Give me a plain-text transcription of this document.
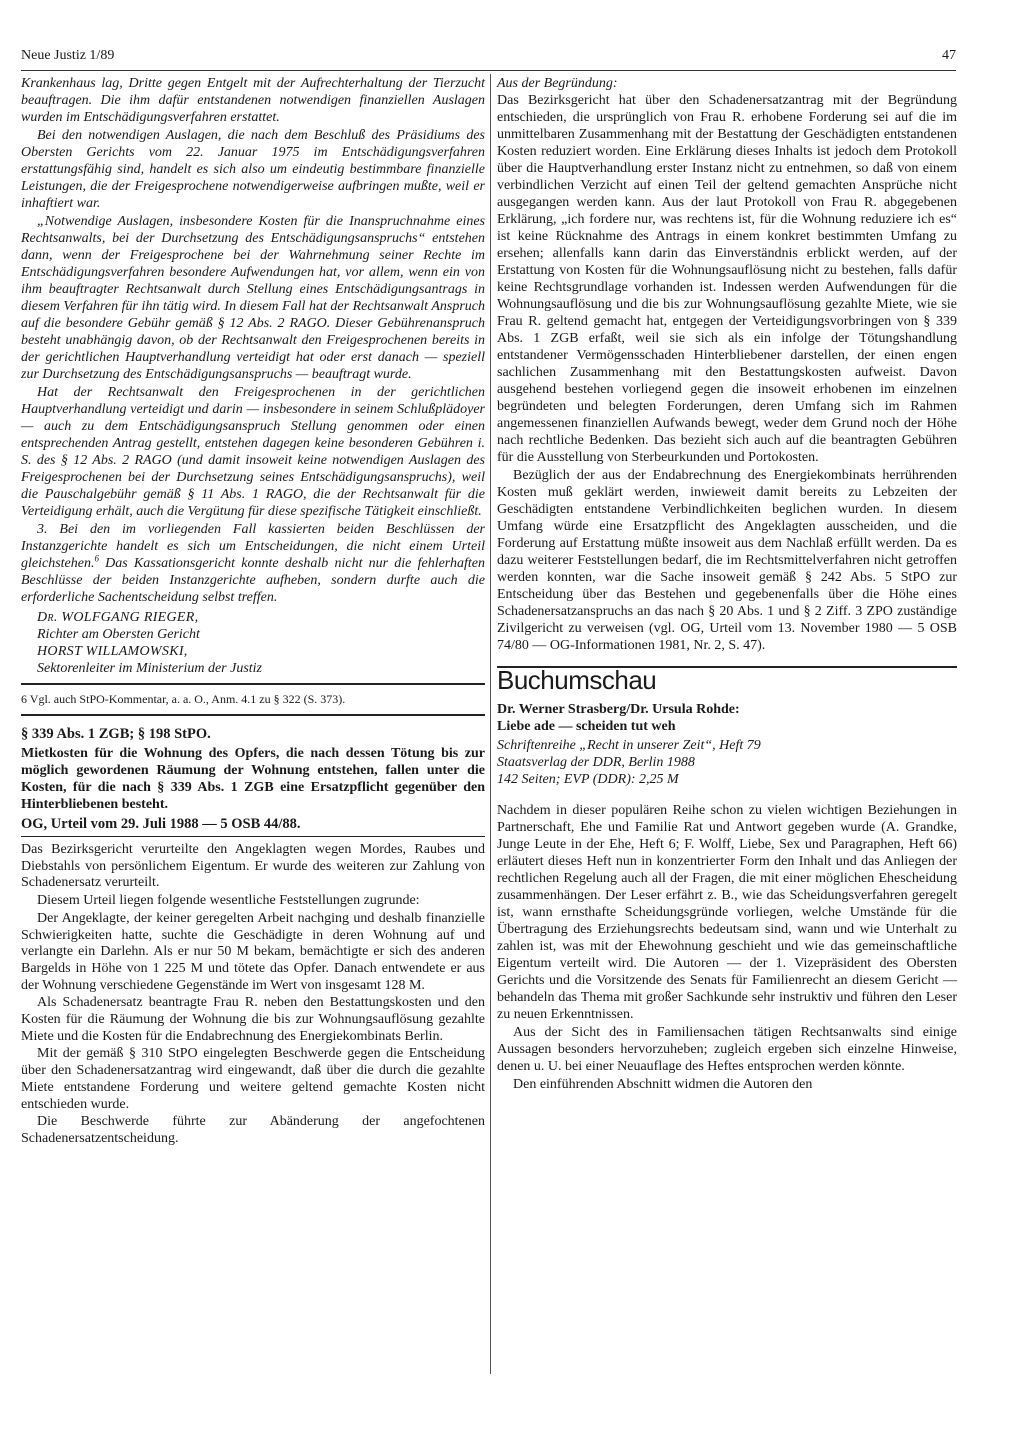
Neue Justiz 1/89	47

Krankenhaus lag, Dritte gegen Entgelt mit der Aufrechterhaltung der Tierzucht beauftragen. Die ihm dafür entstandenen notwendigen finanziellen Auslagen wurden im Entschädigungsverfahren erstattet.

Bei den notwendigen Auslagen, die nach dem Beschluß des Präsidiums des Obersten Gerichts vom 22. Januar 1975 im Entschädigungsverfahren erstattungsfähig sind, handelt es sich also um eindeutig bestimmbare finanzielle Leistungen, die der Freigesprochene notwendigerweise aufbringen mußte, weil er inhaftiert war.

„Notwendige Auslagen, insbesondere Kosten für die Inanspruchnahme eines Rechtsanwalts, bei der Durchsetzung des Entschädigungsanspruchs“ entstehen dann, wenn der Freigesprochene bei der Wahrnehmung seiner Rechte im Entschädigungsverfahren besondere Aufwendungen hat, vor allem, wenn ein von ihm beauftragter Rechtsanwalt durch Stellung eines Entschädigungsantrags in diesem Verfahren für ihn tätig wird. In diesem Fall hat der Rechtsanwalt Anspruch auf die besondere Gebühr gemäß § 12 Abs. 2 RAGO. Dieser Gebührenanspruch besteht unabhängig davon, ob der Rechtsanwalt den Freigesprochenen bereits in der gerichtlichen Hauptverhandlung verteidigt hat oder erst danach — speziell zur Durchsetzung des Entschädigungsanspruchs — beauftragt wurde.

Hat der Rechtsanwalt den Freigesprochenen in der gerichtlichen Hauptverhandlung verteidigt und darin — insbesondere in seinem Schlußplädoyer — auch zu dem Entschädigungsanspruch Stellung genommen oder einen entsprechenden Antrag gestellt, entstehen dagegen keine besonderen Gebühren i. S. des § 12 Abs. 2 RAGO (und damit insoweit keine notwendigen Auslagen des Freigesprochenen bei der Durchsetzung seines Entschädigungsanspruchs), weil die Pauschalgebühr gemäß § 11 Abs. 1 RAGO, die der Rechtsanwalt für die Verteidigung erhält, auch die Vergütung für diese spezifische Tätigkeit einschließt.

3. Bei den im vorliegenden Fall kassierten beiden Beschlüssen der Instanzgerichte handelt es sich um Entscheidungen, die nicht einem Urteil gleichstehen.$^6$ Das Kassationsgericht konnte deshalb nicht nur die fehlerhaften Beschlüsse der beiden Instanzgerichte aufheben, sondern durfte auch die erforderliche Sachentscheidung selbst treffen.

Dr. WOLFGANG RIEGER,
Richter am Obersten Gericht
HORST WILLAMOWSKI,
Sektorenleiter im Ministerium der Justiz

6 Vgl. auch StPO-Kommentar, a. a. O., Anm. 4.1 zu § 322 (S. 373).

§ 339 Abs. 1 ZGB; § 198 StPO.

Mietkosten für die Wohnung des Opfers, die nach dessen Tötung bis zur möglich gewordenen Räumung der Wohnung entstehen, fallen unter die Kosten, für die nach § 339 Abs. 1 ZGB eine Ersatzpflicht gegenüber den Hinterbliebenen besteht.

OG, Urteil vom 29. Juli 1988 — 5 OSB 44/88.

Das Bezirksgericht verurteilte den Angeklagten wegen Mordes, Raubes und Diebstahls von persönlichem Eigentum. Er wurde des weiteren zur Zahlung von Schadenersatz verurteilt.

Diesem Urteil liegen folgende wesentliche Feststellungen zugrunde:

Der Angeklagte, der keiner geregelten Arbeit nachging und deshalb finanzielle Schwierigkeiten hatte, suchte die Geschädigte in deren Wohnung auf und verlangte ein Darlehn. Als er nur 50 M bekam, bemächtigte er sich des anderen Bargelds in Höhe von 1 225 M und tötete das Opfer. Danach entwendete er aus der Wohnung verschiedene Gegenstände im Wert von insgesamt 128 M.

Als Schadenersatz beantragte Frau R. neben den Bestattungskosten und den Kosten für die Räumung der Wohnung die bis zur Wohnungsauflösung gezahlte Miete und die Kosten für die Endabrechnung des Energiekombinats Berlin.

Mit der gemäß § 310 StPO eingelegten Beschwerde gegen die Entscheidung über den Schadenersatzantrag wird eingewandt, daß über die durch die gezahlte Miete entstandene Forderung und weitere geltend gemachte Kosten nicht entschieden wurde.

Die Beschwerde führte zur Abänderung der angefochtenen Schadenersatzentscheidung.

Aus der Begründung:

Das Bezirksgericht hat über den Schadenersatzantrag mit der Begründung entschieden, die ursprünglich von Frau R. erhobene Forderung sei auf die im unmittelbaren Zusammenhang mit der Bestattung der Geschädigten entstandenen Kosten reduziert worden. Eine Erklärung dieses Inhalts ist jedoch dem Protokoll über die Hauptverhandlung erster Instanz nicht zu entnehmen, so daß von einem verbindlichen Verzicht auf einen Teil der geltend gemachten Ansprüche nicht ausgegangen werden kann. Aus der laut Protokoll von Frau R. abgegebenen Erklärung, „ich fordere nur, was rechtens ist, für die Wohnung reduziere ich es“ ist keine Rücknahme des Antrags in einem konkret bestimmten Umfang zu ersehen; allenfalls kann darin das Einverständnis erblickt werden, auf der Erstattung von Kosten für die Wohnungsauflösung nicht zu bestehen, falls dafür keine Rechtsgrundlage vorhanden ist. Indessen werden Aufwendungen für die Wohnungsauflösung und die bis zur Wohnungsauflösung gezahlte Miete, wie sie Frau R. geltend gemacht hat, entgegen der Verteidigungsvorbringen von § 339 Abs. 1 ZGB erfaßt, weil sie sich als ein infolge der Tötungshandlung entstandener Vermögensschaden Hinterbliebener darstellen, der einen engen sachlichen Zusammenhang mit den Bestattungskosten aufweist. Davon ausgehend bestehen vorliegend gegen die insoweit erhobenen im einzelnen begründeten und belegten Forderungen, deren Umfang sich im Rahmen angemessenen finanziellen Aufwands bewegt, weder dem Grund noch der Höhe nach rechtliche Bedenken. Das bezieht sich auch auf die beantragten Gebühren für die Ausstellung von Sterbeurkunden und Portokosten.

Bezüglich der aus der Endabrechnung des Energiekombinats herrührenden Kosten muß geklärt werden, inwieweit damit bereits zu Lebzeiten der Geschädigten entstandene Verbindlichkeiten beglichen wurden. In diesem Umfang würde eine Ersatzpflicht des Angeklagten ausscheiden, und die Forderung auf Erstattung müßte insoweit aus dem Nachlaß erfüllt werden. Da es dazu weiterer Feststellungen bedarf, die im Rechtsmittelverfahren nicht getroffen werden konnten, war die Sache insoweit gemäß § 242 Abs. 5 StPO zur Entscheidung über das Bestehen und gegebenenfalls über die Höhe eines Schadenersatzanspruchs an das nach § 20 Abs. 1 und § 2 Ziff. 3 ZPO zuständige Zivilgericht zu verweisen (vgl. OG, Urteil vom 13. November 1980 — 5 OSB 74/80 — OG-Informationen 1981, Nr. 2, S. 47).

Buchumschau

Dr. Werner Strasberg/Dr. Ursula Rohde:

Liebe ade — scheiden tut weh

Schriftenreihe „Recht in unserer Zeit“, Heft 79

Staatsverlag der DDR, Berlin 1988

142 Seiten; EVP (DDR): 2,25 M

Nachdem in dieser populären Reihe schon zu vielen wichtigen Beziehungen in Partnerschaft, Ehe und Familie Rat und Antwort gegeben wurde (A. Grandke, Junge Leute in der Ehe, Heft 6; F. Wolff, Liebe, Sex und Paragraphen, Heft 66) erläutert dieses Heft nun in konzentrierter Form den Inhalt und das Anliegen der rechtlichen Regelung auch all der Fragen, die mit einer möglichen Ehescheidung zusammenhängen. Der Leser erfährt z. B., wie das Scheidungsverfahren geregelt ist, wann ernsthafte Scheidungsgründe vorliegen, welche Umstände für die Übertragung des Erziehungsrechts bedeutsam sind, wann und wie Unterhalt zu zahlen ist, was mit der Ehewohnung geschieht und wie das gemeinschaftliche Eigentum verteilt wird. Die Autoren — der 1. Vizepräsident des Obersten Gerichts und die Vorsitzende des Senats für Familienrecht an diesem Gericht — behandeln das Thema mit großer Sachkunde sehr instruktiv und führen den Leser zu neuen Erkenntnissen.

Aus der Sicht des in Familiensachen tätigen Rechtsanwalts sind einige Aussagen besonders hervorzuheben; zugleich ergeben sich einzelne Hinweise, denen u. U. bei einer Neuauflage des Heftes entsprochen werden könnte.

Den einführenden Abschnitt widmen die Autoren den
